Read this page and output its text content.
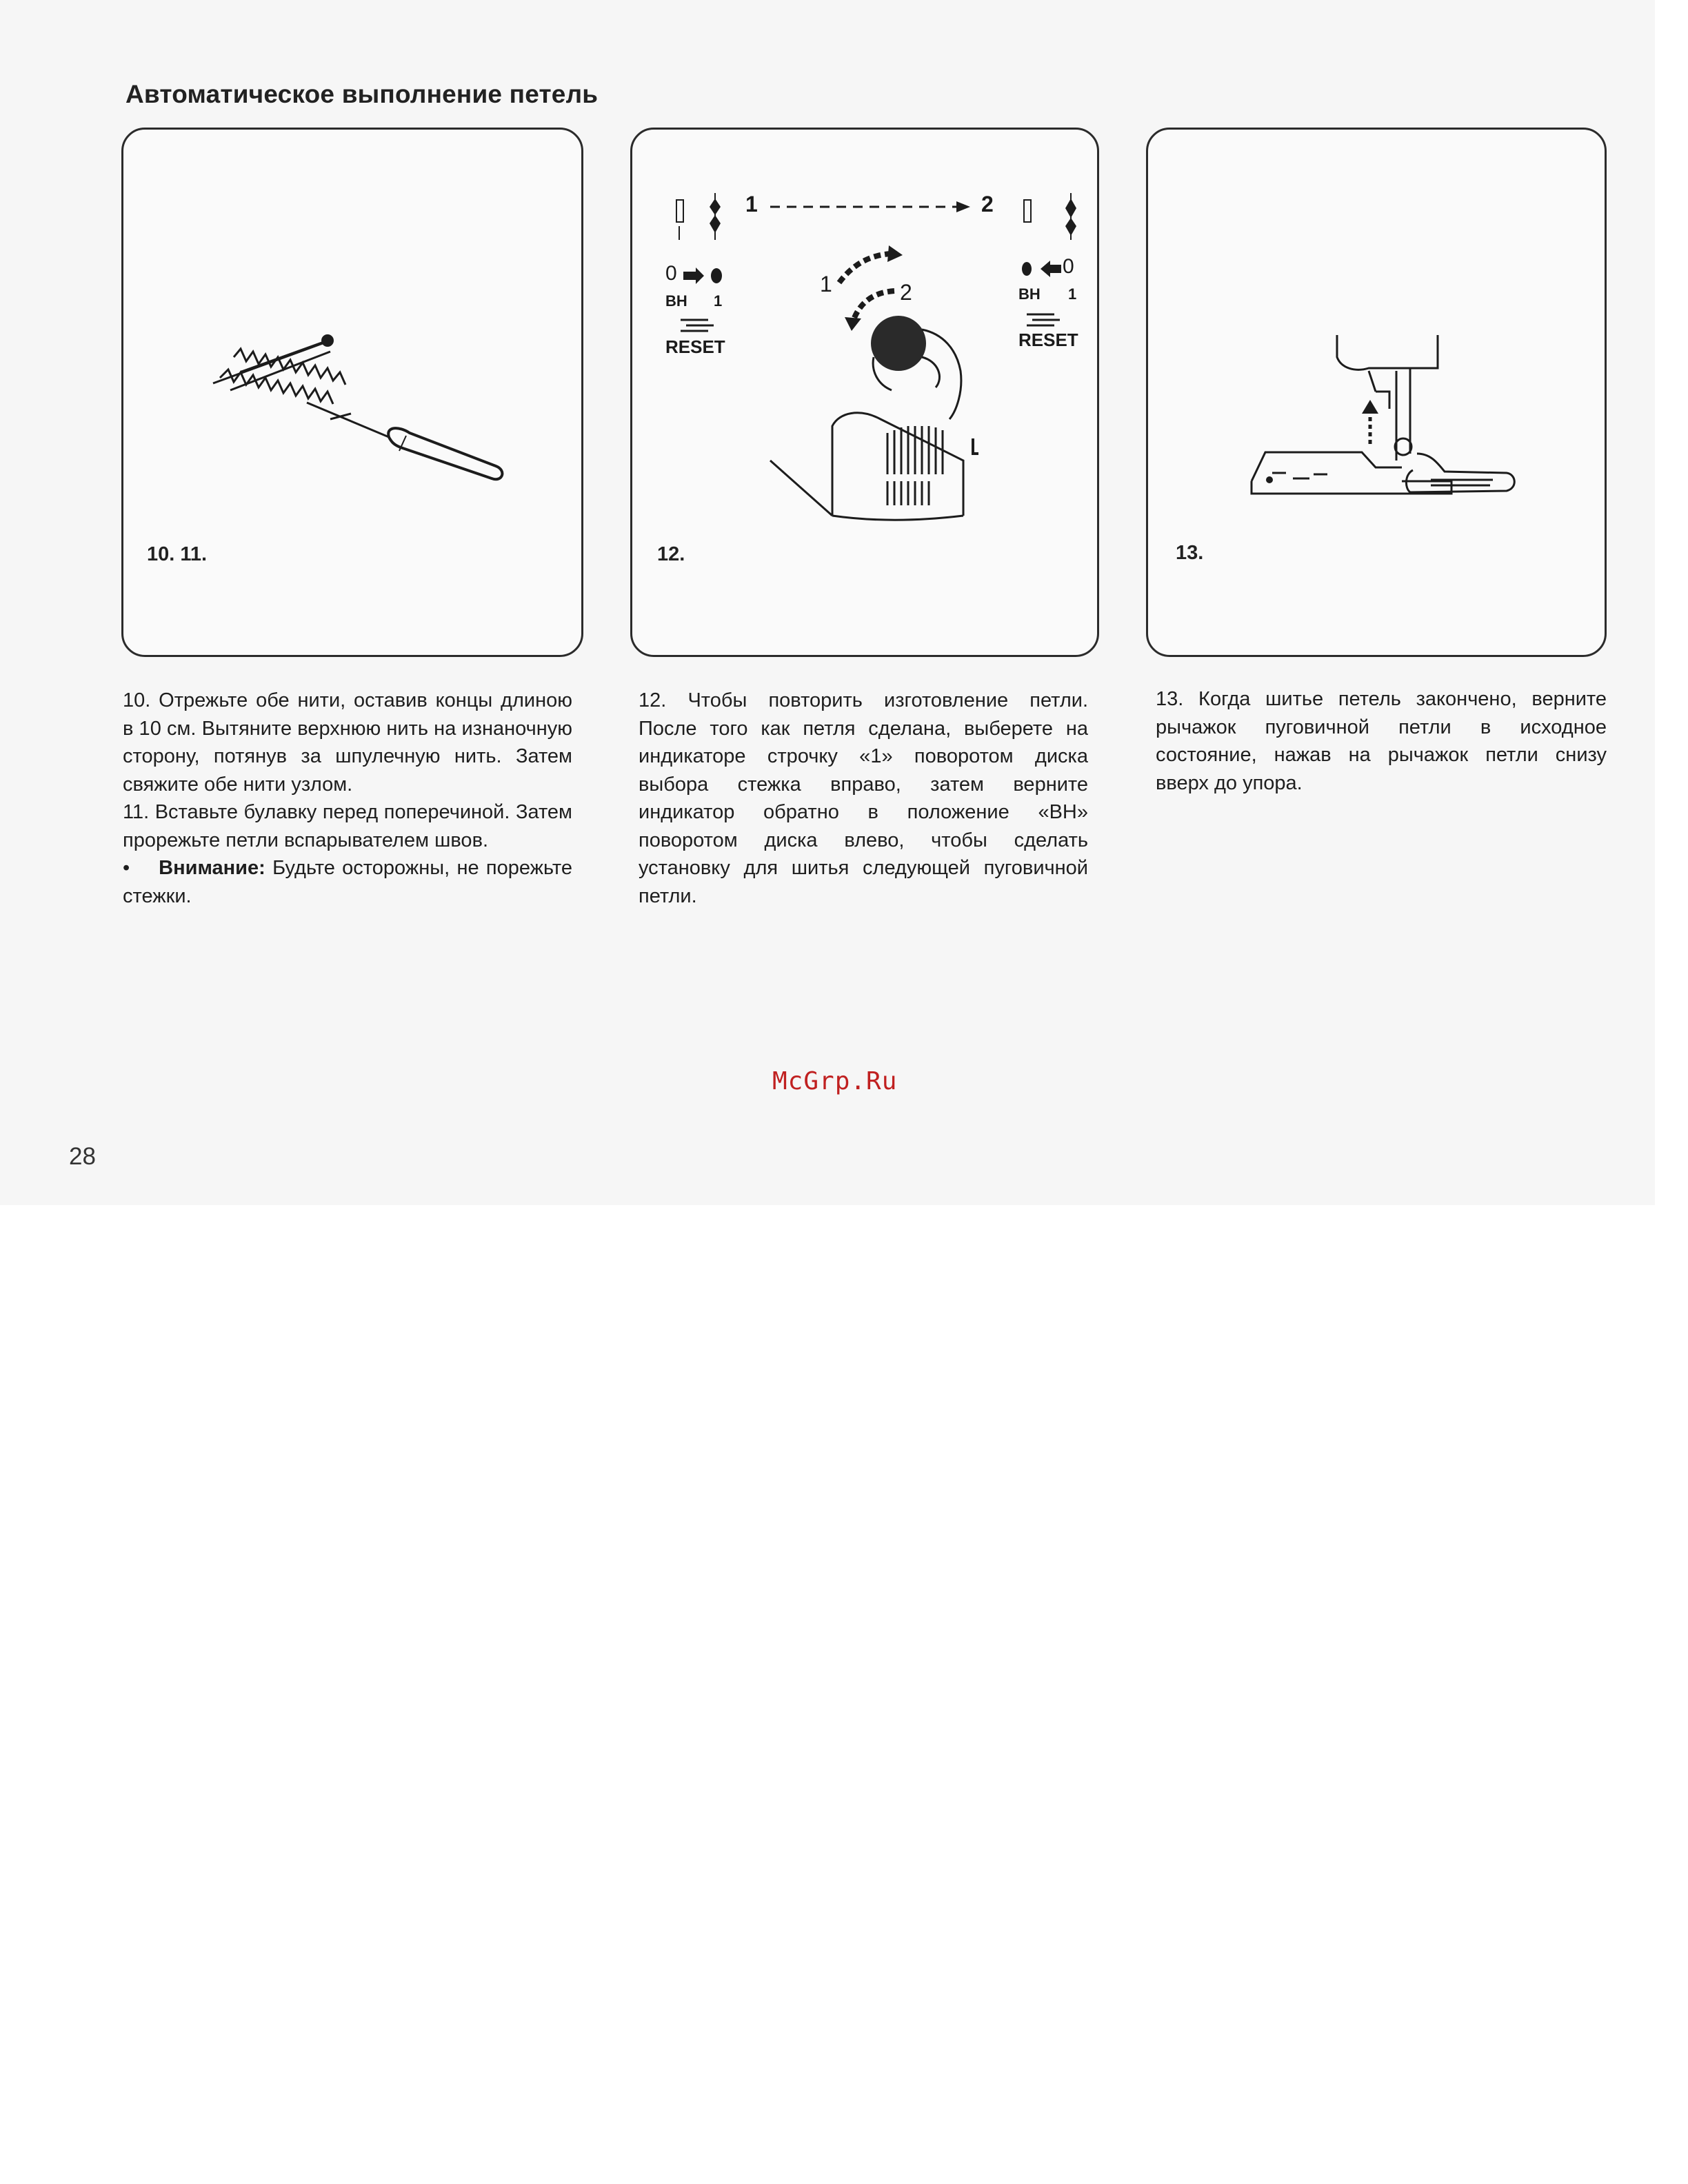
Автоматическое выполнение петель
10. 11.
1	2
0
BH 1
RESET
0
BH 1
RESET
1	2
12.	13.

10. Отрежьте обе нити, оставив концы длиною в 10 см. Вытяните верхнюю нить на изнаночную сторону, потянув за шпулечную нить. Затем свяжите обе нити узлом.

11. Вставьте булавку перед поперечиной. Затем прорежьте петли вспарывателем швов.

• Внимание: Будьте осторожны, не порежьте стежки.

12. Чтобы повторить изготовление петли. После того как петля сделана, выберете на индикаторе строчку «1» поворотом диска выбора стежка вправо, затем верните индикатор обратно в положение «ВН» поворотом диска влево, чтобы сделать установку для шитья следующей пуговичной петли.

13. Когда шитье петель закончено, верните рычажок пуговичной петли в исходное состояние, нажав на рычажок петли снизу вверх до упора.

McGrp.Ru
28
